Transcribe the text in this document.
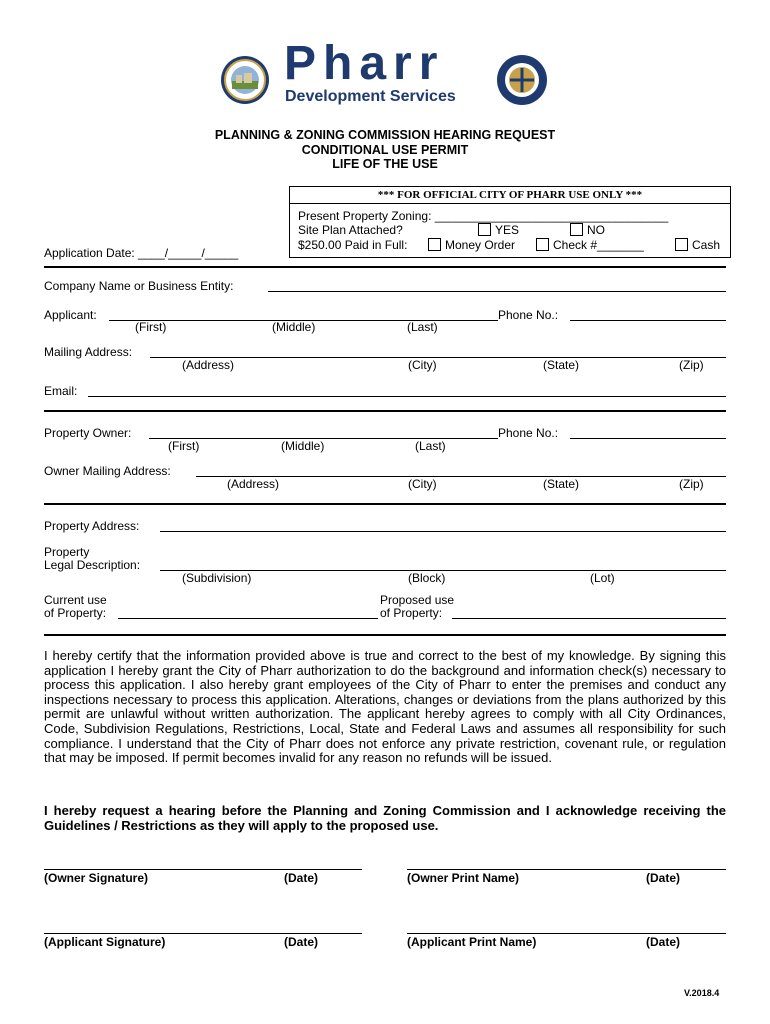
Pharr
Development Services
PLANNING & ZONING COMMISSION HEARING REQUEST
CONDITIONAL USE PERMIT
LIFE OF THE USE
*** FOR OFFICIAL CITY OF PHARR USE ONLY ***
Present Property Zoning: ___________________________________
Site Plan Attached?	YES	NO
$250.00 Paid in Full:	Money Order	Check #_______	Cash
Application Date: ____/_____/_____
Company Name or Business Entity:
Applicant:	Phone No.:
(First)	(Middle)	(Last)
Mailing Address:
(Address)	(City)	(State)	(Zip)
Email:
Property Owner:	Phone No.:
(First)	(Middle)	(Last)
Owner Mailing Address:
(Address)	(City)	(State)	(Zip)
Property Address:
Property
Legal Description:
(Subdivision)	(Block)	(Lot)
Current use
of Property:
Proposed use
of Property:
I hereby certify that the information provided above is true and correct to the best of my knowledge. By signing this application I hereby grant the City of Pharr authorization to do the background and information check(s) necessary to process this application. I also hereby grant employees of the City of Pharr to enter the premises and conduct any inspections necessary to process this application. Alterations, changes or deviations from the plans authorized by this permit are unlawful without written authorization. The applicant hereby agrees to comply with all City Ordinances, Code, Subdivision Regulations, Restrictions, Local, State and Federal Laws and assumes all responsibility for such compliance. I understand that the City of Pharr does not enforce any private restriction, covenant rule, or regulation that may be imposed. If permit becomes invalid for any reason no refunds will be issued.
I hereby request a hearing before the Planning and Zoning Commission and I acknowledge receiving the Guidelines / Restrictions as they will apply to the proposed use.
(Owner Signature)	(Date)	(Owner Print Name)	(Date)
(Applicant Signature)	(Date)	(Applicant Print Name)	(Date)
V.2018.4
